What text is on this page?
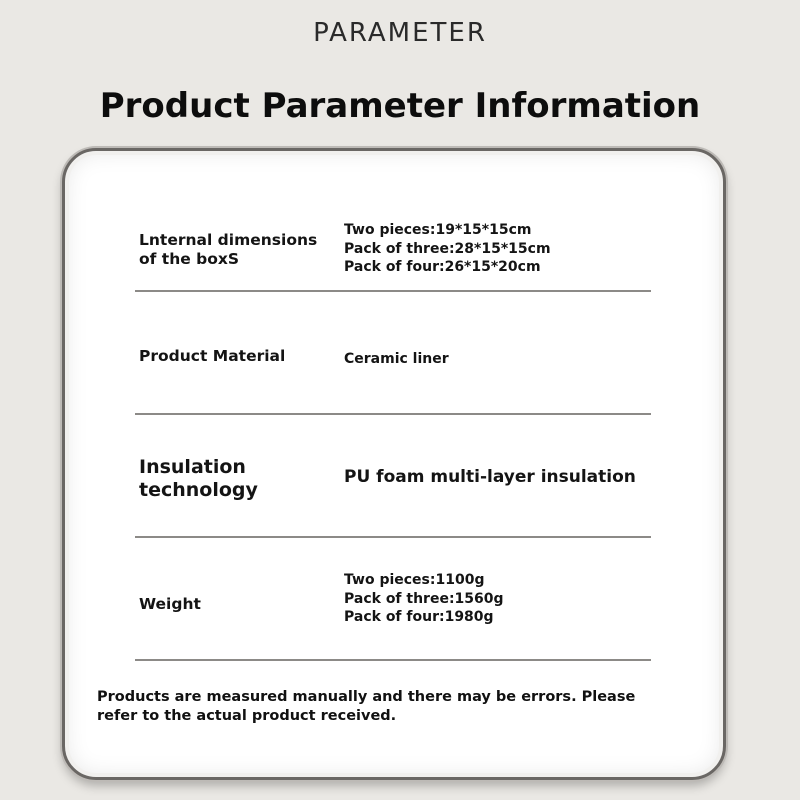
PARAMETER
Product Parameter Information
Lnternal dimensions
of the boxS
Two pieces:19*15*15cm
Pack of three:28*15*15cm
Pack of four:26*15*20cm
Product Material	Ceramic liner
Insulation
technology
PU foam multi-layer insulation
Weight
Two pieces:1100g
Pack of three:1560g
Pack of four:1980g
Products are measured manually and there may be errors. Please refer to the actual product received.
